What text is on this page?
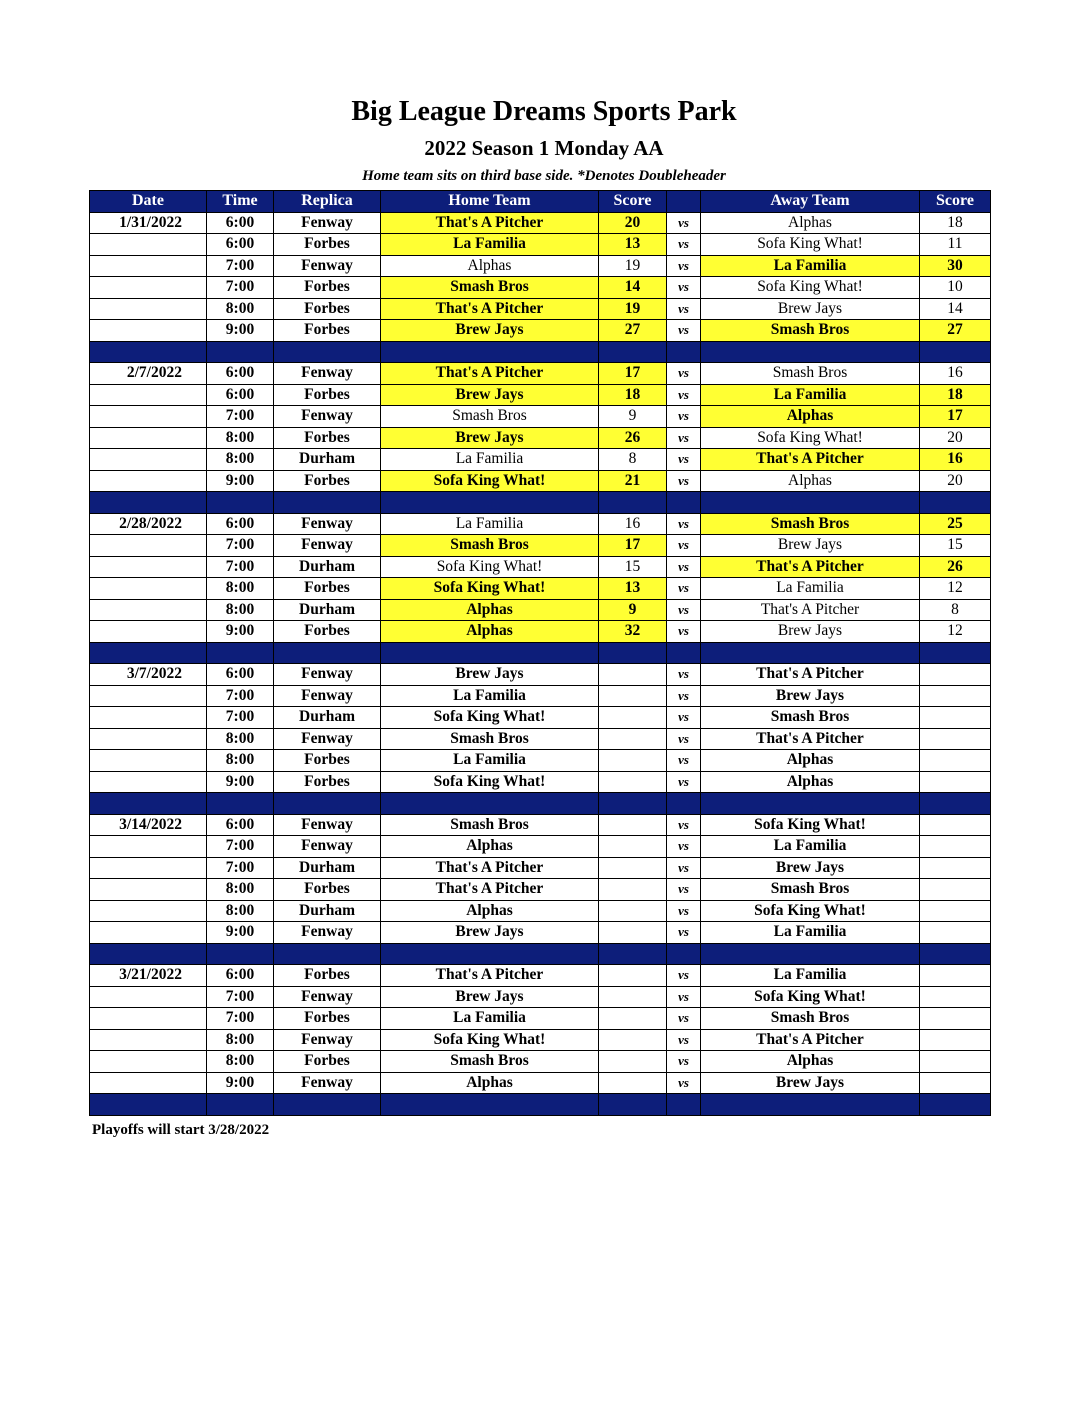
Big League Dreams Sports Park
2022 Season 1 Monday AA
Home team sits on third base side. *Denotes Doubleheader
Date	Time	Replica	Home Team	Score		Away Team	Score
1/31/2022	6:00	Fenway	That's A Pitcher	20	vs	Alphas	18
	6:00	Forbes	La Familia	13	vs	Sofa King What!	11
	7:00	Fenway	Alphas	19	vs	La Familia	30
	7:00	Forbes	Smash Bros	14	vs	Sofa King What!	10
	8:00	Forbes	That's A Pitcher	19	vs	Brew Jays	14
	9:00	Forbes	Brew Jays	27	vs	Smash Bros	27

2/7/2022	6:00	Fenway	That's A Pitcher	17	vs	Smash Bros	16
	6:00	Forbes	Brew Jays	18	vs	La Familia	18
	7:00	Fenway	Smash Bros	9	vs	Alphas	17
	8:00	Forbes	Brew Jays	26	vs	Sofa King What!	20
	8:00	Durham	La Familia	8	vs	That's A Pitcher	16
	9:00	Forbes	Sofa King What!	21	vs	Alphas	20

2/28/2022	6:00	Fenway	La Familia	16	vs	Smash Bros	25
	7:00	Fenway	Smash Bros	17	vs	Brew Jays	15
	7:00	Durham	Sofa King What!	15	vs	That's A Pitcher	26
	8:00	Forbes	Sofa King What!	13	vs	La Familia	12
	8:00	Durham	Alphas	9	vs	That's A Pitcher	8
	9:00	Forbes	Alphas	32	vs	Brew Jays	12

3/7/2022	6:00	Fenway	Brew Jays		vs	That's A Pitcher	
	7:00	Fenway	La Familia		vs	Brew Jays	
	7:00	Durham	Sofa King What!		vs	Smash Bros	
	8:00	Fenway	Smash Bros		vs	That's A Pitcher	
	8:00	Forbes	La Familia		vs	Alphas	
	9:00	Forbes	Sofa King What!		vs	Alphas	

3/14/2022	6:00	Fenway	Smash Bros		vs	Sofa King What!	
	7:00	Fenway	Alphas		vs	La Familia	
	7:00	Durham	That's A Pitcher		vs	Brew Jays	
	8:00	Forbes	That's A Pitcher		vs	Smash Bros	
	8:00	Durham	Alphas		vs	Sofa King What!	
	9:00	Fenway	Brew Jays		vs	La Familia	

3/21/2022	6:00	Forbes	That's A Pitcher		vs	La Familia	
	7:00	Fenway	Brew Jays		vs	Sofa King What!	
	7:00	Forbes	La Familia		vs	Smash Bros	
	8:00	Fenway	Sofa King What!		vs	That's A Pitcher	
	8:00	Forbes	Smash Bros		vs	Alphas	
	9:00	Fenway	Alphas		vs	Brew Jays	

Playoffs will start 3/28/2022
